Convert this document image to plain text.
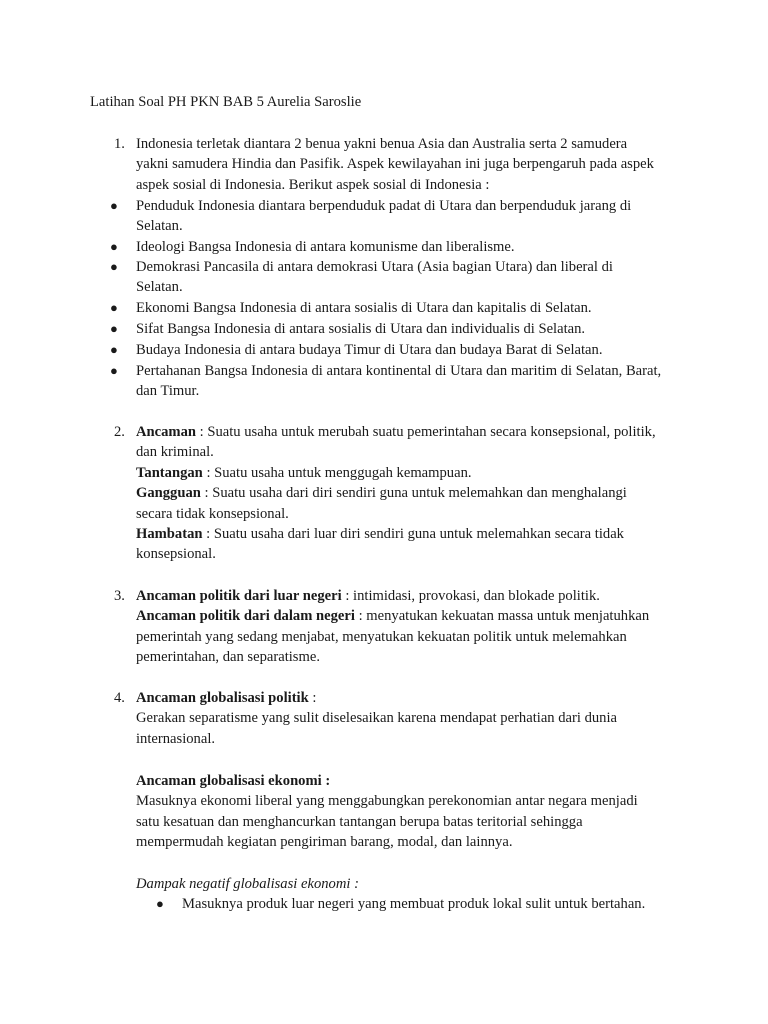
Latihan Soal PH PKN BAB 5 Aurelia Saroslie
1. Indonesia terletak diantara 2 benua yakni benua Asia dan Australia serta 2 samudera
yakni samudera Hindia dan Pasifik. Aspek kewilayahan ini juga berpengaruh pada aspek
aspek sosial di Indonesia. Berikut aspek sosial di Indonesia :
● Penduduk Indonesia diantara berpenduduk padat di Utara dan berpenduduk jarang di
Selatan.
● Ideologi Bangsa Indonesia di antara komunisme dan liberalisme.
● Demokrasi Pancasila di antara demokrasi Utara (Asia bagian Utara) dan liberal di
Selatan.
● Ekonomi Bangsa Indonesia di antara sosialis di Utara dan kapitalis di Selatan.
● Sifat Bangsa Indonesia di antara sosialis di Utara dan individualis di Selatan.
● Budaya Indonesia di antara budaya Timur di Utara dan budaya Barat di Selatan.
● Pertahanan Bangsa Indonesia di antara kontinental di Utara dan maritim di Selatan, Barat,
dan Timur.
2. Ancaman : Suatu usaha untuk merubah suatu pemerintahan secara konsepsional, politik,
dan kriminal.
Tantangan : Suatu usaha untuk menggugah kemampuan.
Gangguan : Suatu usaha dari diri sendiri guna untuk melemahkan dan menghalangi
secara tidak konsepsional.
Hambatan : Suatu usaha dari luar diri sendiri guna untuk melemahkan secara tidak
konsepsional.
3. Ancaman politik dari luar negeri : intimidasi, provokasi, dan blokade politik.
Ancaman politik dari dalam negeri : menyatukan kekuatan massa untuk menjatuhkan
pemerintah yang sedang menjabat, menyatukan kekuatan politik untuk melemahkan
pemerintahan, dan separatisme.
4. Ancaman globalisasi politik :
Gerakan separatisme yang sulit diselesaikan karena mendapat perhatian dari dunia
internasional.
Ancaman globalisasi ekonomi :
Masuknya ekonomi liberal yang menggabungkan perekonomian antar negara menjadi
satu kesatuan dan menghancurkan tantangan berupa batas teritorial sehingga
mempermudah kegiatan pengiriman barang, modal, dan lainnya.
Dampak negatif globalisasi ekonomi :
● Masuknya produk luar negeri yang membuat produk lokal sulit untuk bertahan.
